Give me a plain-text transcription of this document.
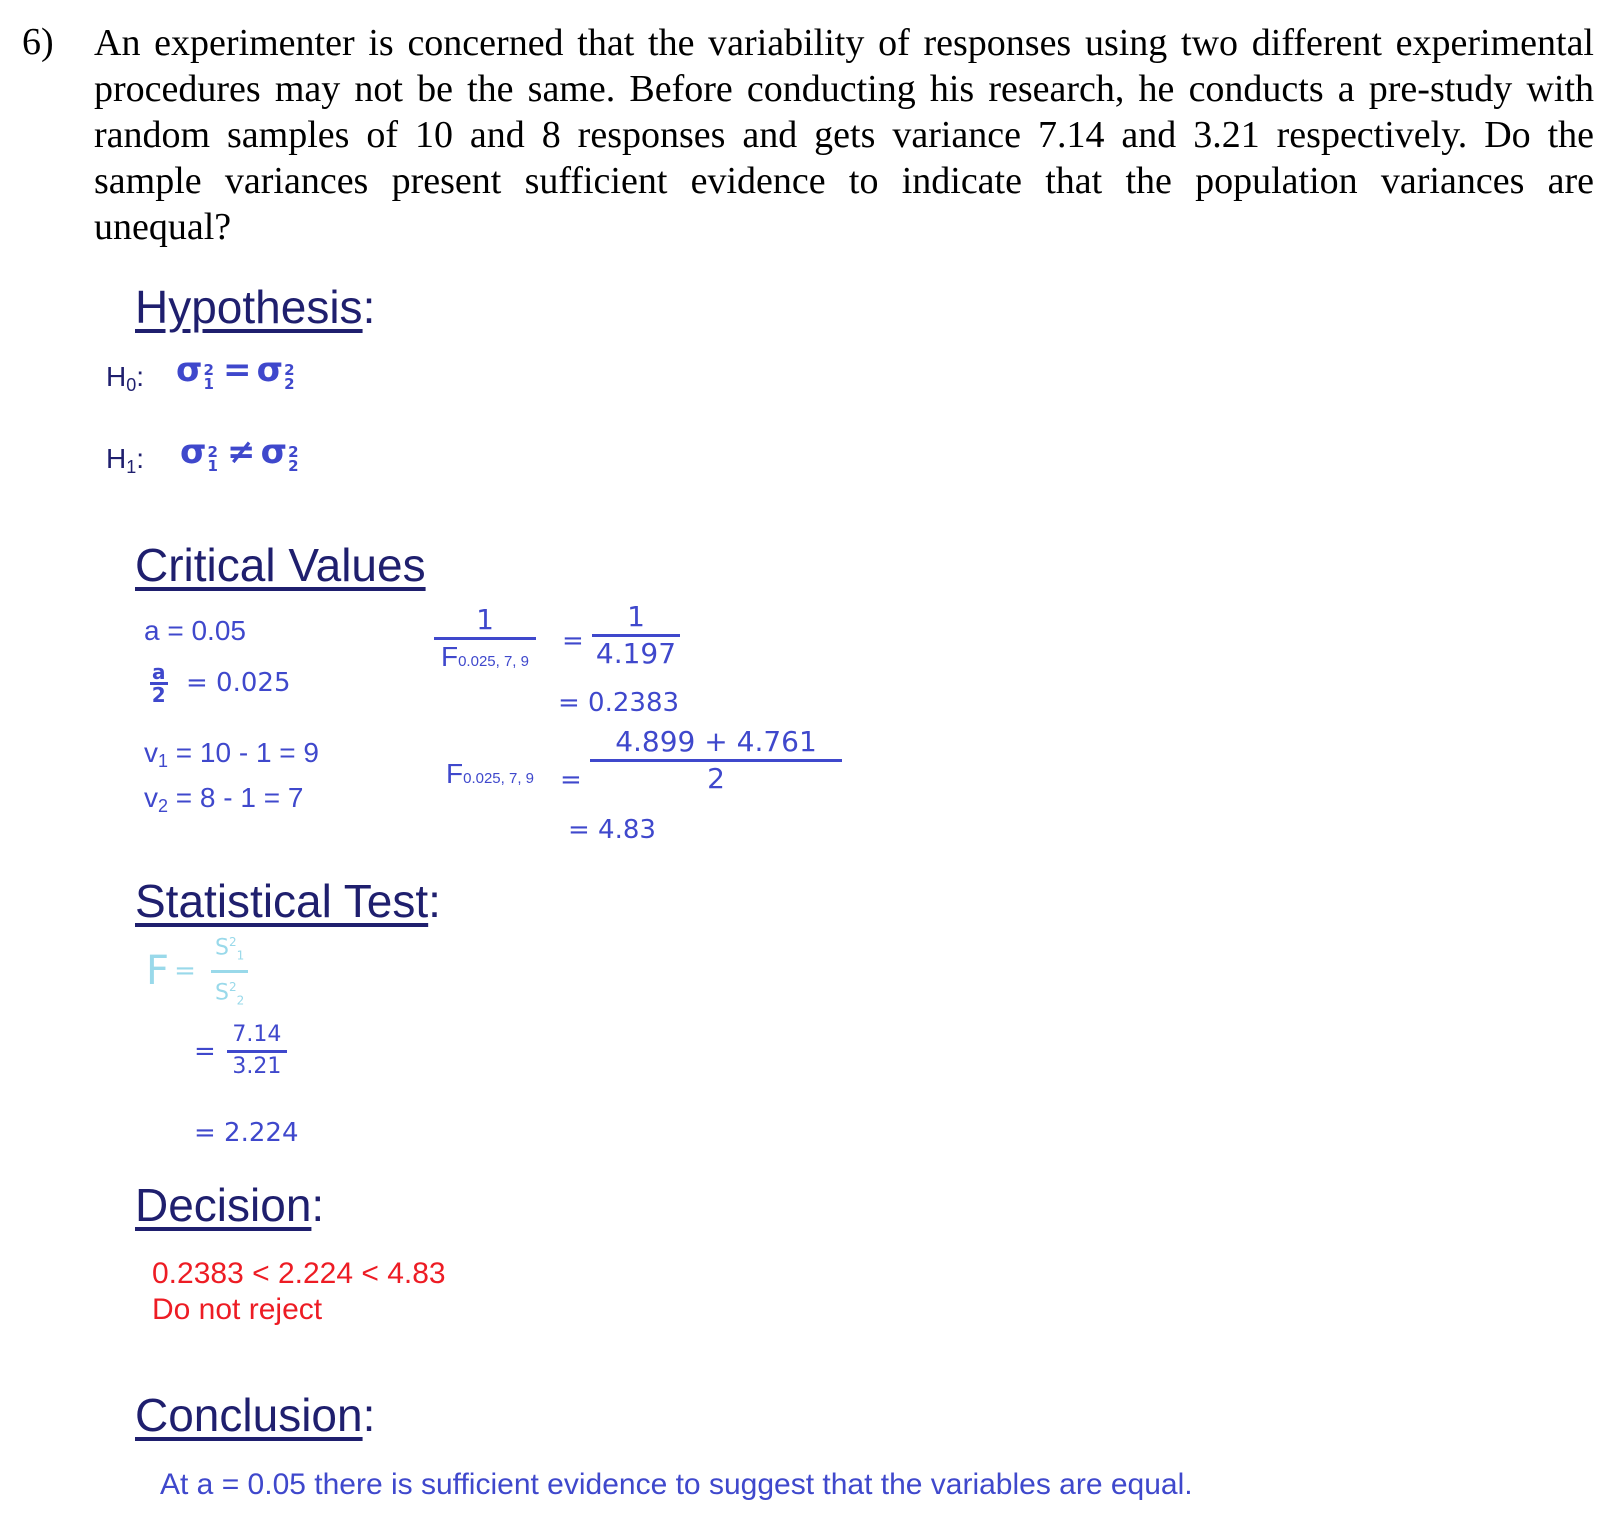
6) An experimenter is concerned that the variability of responses using two different experimental
procedures may not be the same. Before conducting his research, he conducts a pre-study with
random samples of 10 and 8 responses and gets variance 7.14 and 3.21 respectively. Do the
sample variances present sufficient evidence to indicate that the population variances are
unequal?
Hypothesis:
$H_0$: σ 2
1 = σ 2
2
$H_1$: σ 2
1 ≠ σ 2
2
Critical Values
a = 0.05
$\frac{a}{2} = 0.025$
$v_1 = 10 - 1 = 9$
$v_2 = 8 - 1 = 7$
$\frac{1}{F0.025, 7, 9} = \frac{1}{4.197}$
= 0.2383
F0.025, 7, $9 = \frac{4.899 + 4.761}{2}$
= 4.83
Statistical Test:
$F = \frac{S^2_1}{S^2_2}$
= $\frac{7.14}{3.21}$
= 2.224
Decision:
0.2383 < 2.224 < 4.83
Do not reject
Conclusion:
At a = 0.05 there is sufficient evidence to suggest that the variables are equal.
